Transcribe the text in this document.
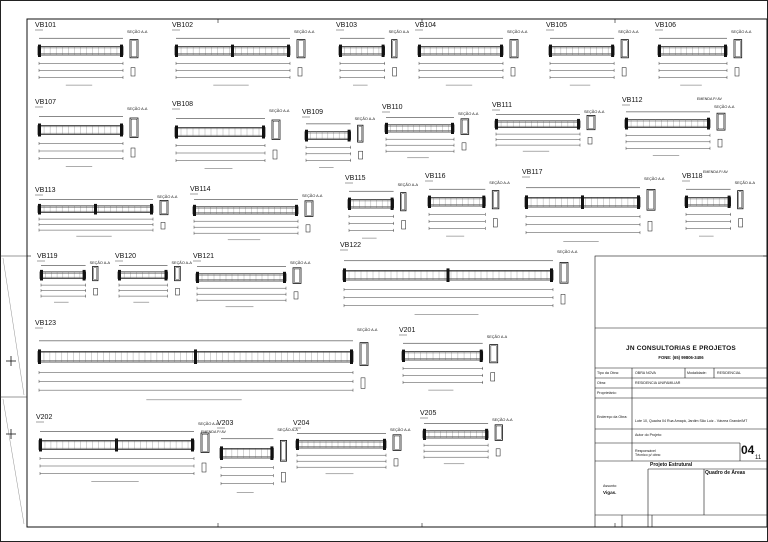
VB101
SEÇÃO A-A
VB102
SEÇÃO A-A
VB103
SEÇÃO A-A
VB104
SEÇÃO A-A
VB105
SEÇÃO A-A
VB106
SEÇÃO A-A
VB107
SEÇÃO A-A
VB108
SEÇÃO A-A VB109
SEÇÃO A-A
VB110
SEÇÃO A-A
VB111
SEÇÃO A-A
VB112
SEÇÃO A-A
VB113
SEÇÃO A-A
VB114
SEÇÃO A-A
VB115
SEÇÃO A-A
VB116
SEÇÃO A-A
VB117
SEÇÃO A-A	VB118
SEÇÃO A-A
VB119
SEÇÃO A-A
VB120
SEÇÃO A-A
VB121
SEÇÃO A-A
VB122
SEÇÃO A-A
VB123
SEÇÃO A-A	V201
SEÇÃO A-A
V202
SEÇÃO A-A
V203
SEÇÃO A-A
V204
SEÇÃO A-A
V205
SEÇÃO A-A
EMENDA P/ AV
EMENDA P/ AV
EMENDA P/ AV
JN CONSULTORIAS E PROJETOS
FONE: (65) 99806-3406
Tipo da Obra:	OBRA NOVA	Modalidade:	RESIDENCIAL
Obra:	RESIDENCIA UNIFAMILIAR
Proprietário:
Endereço da Obra:
Lote 10, Quadra 04 Rua Amapá, Jardim São Luiz - Várzea Grande/MT
Autor do Projeto:
Responsável Técnico p/ obra:
Projeto Estrutural
Quadro de Áreas
Assunto:
Vigas.
04
11
